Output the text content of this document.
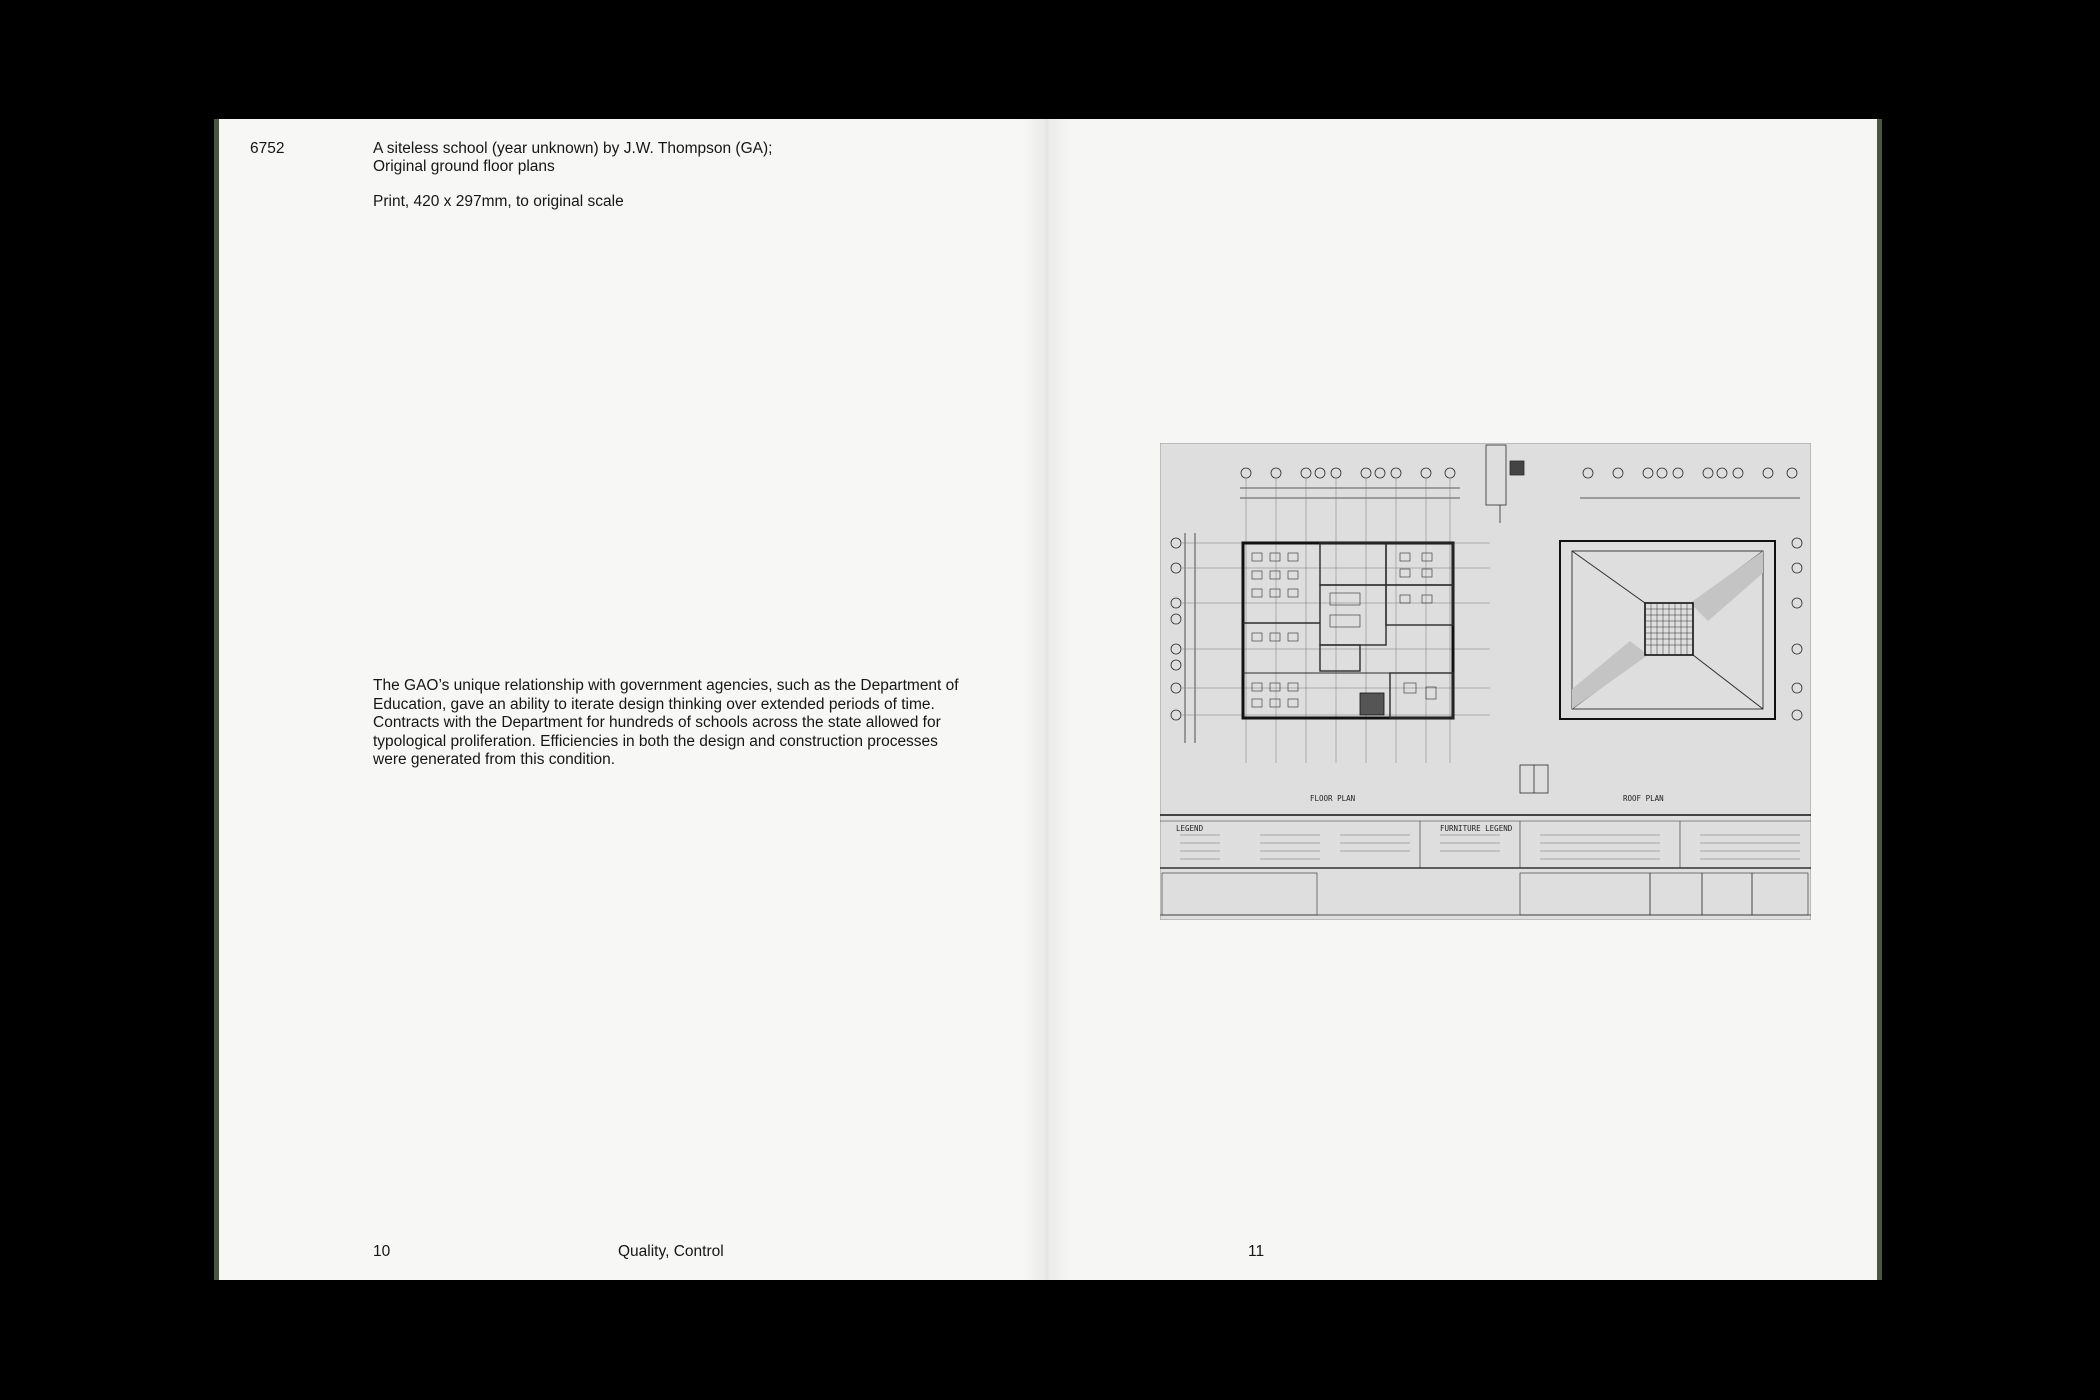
6752	A siteless school (year unknown) by J.W. Thompson (GA);
Original ground floor plans
Print, 420 x 297mm, to original scale
The GAO’s unique relationship with government agencies, such as the Department of Education, gave an ability to iterate design thinking over extended periods of time. Contracts with the Department for hundreds of schools across the state allowed for typological proliferation. Efficiencies in both the design and construction processes were generated from this condition.
10	Quality, Control	11
FLOOR PLAN	ROOF PLAN
LEGEND	FURNITURE LEGEND
